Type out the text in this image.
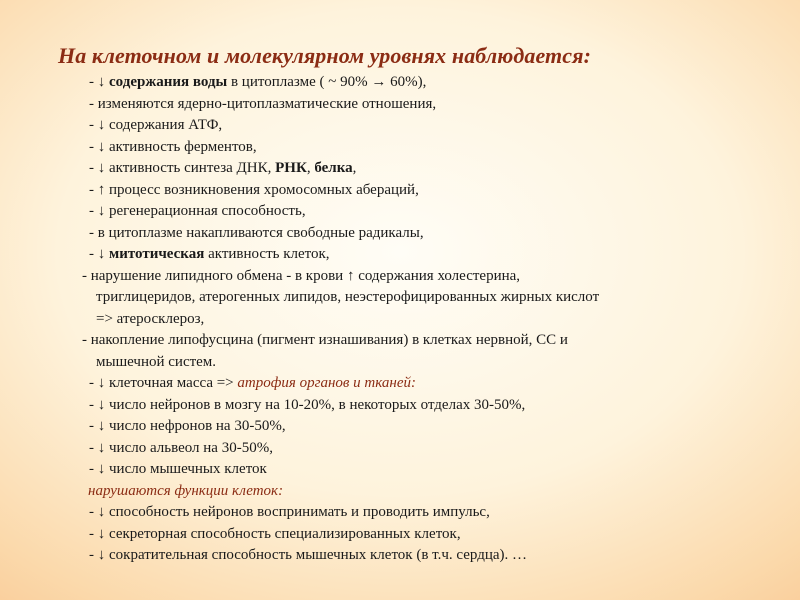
На клеточном и молекулярном уровнях наблюдается:
- ↓ содержания воды в цитоплазме ( ~ 90% → 60%),
- изменяются ядерно-цитоплазматические отношения,
- ↓ содержания АТФ,
- ↓ активность ферментов,
- ↓ активность синтеза ДНК, РНК, белка,
- ↑ процесс возникновения хромосомных абераций,
- ↓ регенерационная способность,
- в цитоплазме накапливаются свободные радикалы,
- ↓ митотическая активность клеток,
- нарушение липидного обмена - в крови ↑ содержания холестерина,
триглицеридов, атерогенных липидов, неэстерофицированных жирных кислот
=> атеросклероз,
- накопление липофусцина (пигмент изнашивания) в клетках нервной, СС и
мышечной систем.
- ↓ клеточная масса => атрофия органов и тканей:
- ↓ число нейронов в мозгу на 10-20%, в некоторых отделах 30-50%,
- ↓ число нефронов на 30-50%,
- ↓ число альвеол на 30-50%,
- ↓ число мышечных клеток
нарушаются функции клеток:
- ↓ способность нейронов воспринимать и проводить импульс,
- ↓ секреторная способность специализированных клеток,
- ↓ сократительная способность мышечных клеток (в т.ч. сердца). …
